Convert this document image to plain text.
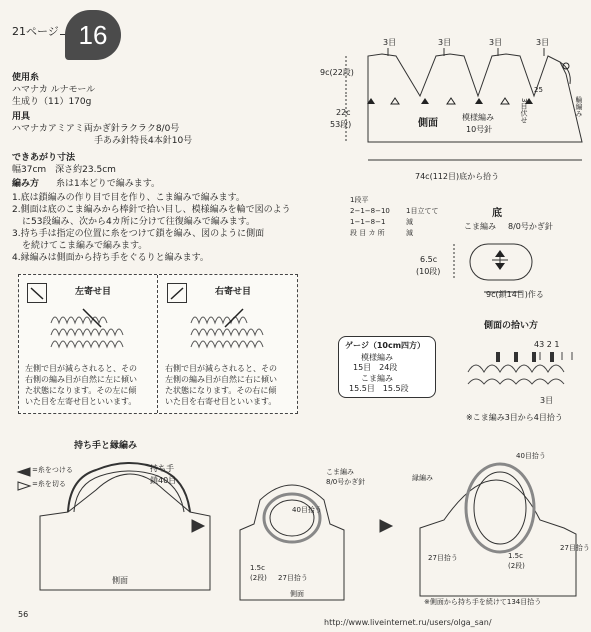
21ページ 16
使用糸
ハマナカ ルナモール
生成り（11）170g
用具
ハマナカアミアミ両かぎ針ラクラク8/0号
手あみ針特長4本針10号
できあがり寸法
幅37cm　深さ約23.5cm
編み方 糸は1本どりで編みます。
1.底は鎖編みの作り目で目を作り、こま編みで編みます。
2.側面は底のこま編みから棒針で拾い目し、模様編みを輪で図のよう
に53段編み、次から4カ所に分けて往復編みで編みます。
3.持ち手は指定の位置に糸をつけて鎖を編み、図のように側面
を続けてこま編みで編みます。
4.縁編みは側面から持ち手をぐるりと編みます。
左寄せ目	右寄せ目
左側で目が減らされると、その
右側の編み目が自然に左に傾い
た状態になります。その左に傾
いた目を左寄せ目といいます。
右側で目が減らされると、その
左側の編み目が自然に右に傾い
た状態になります。その右に傾
いた目を右寄せ目といいます。
3目	3目	3目	3目
9c(22段)
22c
53段)	側面
模様編み
10号針
25
3目伏せ	輪編み
74c(112目)底から拾う
1段平
2−1−8−10
1−1−8−1
段 目 カ 所
1目立てて
減
減
底
こま編み 8/0号かぎ針
6.5c
(10段)
9c(鎖14目)作る
ゲージ（10cm四方）
模様編み
15目　24段
こま編み
15.5目　15.5段
側面の拾い方
43 2 1
3目
※こま編み3目から4目拾う
持ち手と縁編み
=糸をつける
=糸を切る
持ち手
鎖40目
側面
こま編み
8/0号かぎ針
40目拾う
1.5c
(2段) 27目拾う
側面
縁編み
40目拾う
27目拾う
27目拾う
1.5c
(2段)
※側面から持ち手を続けて134目拾う
56
http://www.liveinternet.ru/users/olga_san/
